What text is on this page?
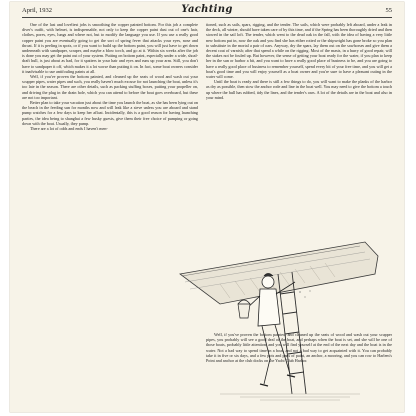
April, 1932	Yachting	55

One of the last and loveliest jobs is smoothing the copper painted bottom. For this job a complete diver's outfit, with helmet, is indispensable, not only to keep the copper paint dust out of one's hair, clothes, pores, eyes, lungs and where not, but to modify the language you use. If you use a really good copper paint you are eventually going to get the sort of spring fever that attacks your eyes, nose and throat. If it is peeling in spots, or if you want to build up the bottom paint, you will just have to get down underneath with sandpaper, scraper, and maybe a blow torch, and go at it. Within six weeks after the job is done you may get the paint out of your system. Putting on bottom paint, especially under a wide, shoal-draft hull, is just about as bad, for it spatters in your hair and eyes and runs up your arm. Still, you don't have to sandpaper it off, which makes it a lot worse than putting it on. In fact, some boat owners consider it inadvisable to use antifouling paints at all.

Well, if you've proven the bottom painted, and cleaned up the seats of wood and wash out your scupper pipes, water pipes and such, you really haven't much excuse for not launching the boat, unless it's too late in the season. There are other details, such as packing stuffing boxes, putting your propeller on, and driving the plug in the drain hole, which you can attend to before the boat goes overboard, but these are not too important.

Better plan to take your vacation just about the time you launch the boat, as she has been lying out on the beach in the feeding sun for months now and will leak like a sieve unless you are aboard and stand pump watches for a few days to keep her afloat. Incidentally, this is a good reason for having launching parties, the idea being to shanghai a few husky guests, give them their free choice of pumping or going down with the boat. Usually, they pump.

There are a lot of odds and ends I haven't men-

tioned, such as sails, spars, rigging, and the tender. The sails, which were probably left aboard, under a leak in the deck, all winter, should have taken care of by this time, and if the Spring has been thoroughly dried and then stowed in the sail loft. The tender, which went to the dead oak in the fall, with the idea of having a very little new bottom put in, now the oak and you find she has either rotted or the shipwright has gone broke so you plan to substitute in the mortal a pair of oars. Anyway, dry the spars, lay them out on the sawhorses and give them a decent coat of varnish; after that spend a while on the rigging. Most of the masts, in a hurry of good repair, will the stakes not be fouled up. But however, the sense of getting your boat ready for the water, if you plan to keep her in the sun or harbor a bit, and you want to have a really good place of business to be, and you are going to have a really good place of business to remember yourself, spend every bit of your free time, and you will get a boat's good time and you will enjoy yourself as a boat owner and you're sure to have a pleasant outing in the water will come.

Until the boat is ready and there is still a few things to do, you will want to make the planks of the harbor as dry as possible, then stow the anchor rode and line in the boat well. You may need to give the bottom a touch up where the hull has rubbed, tidy the lines, and the tender's oars. A lot of the details are in the boat and also in your mind.

Well, if you've proven the bottom painted, and cleaned up the seats of wood and wash out your scupper pipes, you probably will see a good deal of the boat, and perhaps when the boat is set, and she will be one of those boats, probably little attention, and you will find yourself at the end of the next day and the boat is in the water. Not a bad way to spend time in a boat, and not a bad way to get acquainted with it. You can probably take it in five or six days, and a few pots and pans of paint, an anchor, a mooring, and you can row to Harlem's Point and anchor at the club docks on the Yacht Club Harbor.
